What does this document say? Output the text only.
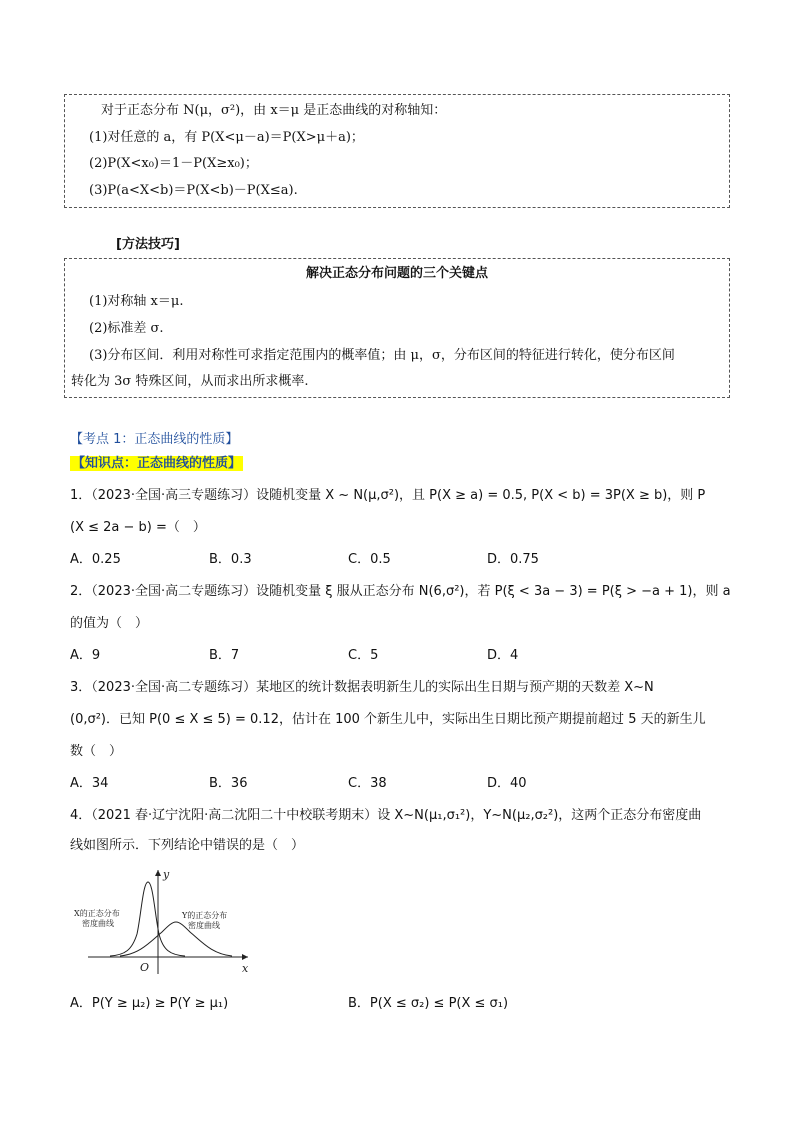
对于正态分布 N(μ，σ²)，由 x＝μ 是正态曲线的对称轴知：
(1)对任意的 a，有 P(X<μ－a)＝P(X>μ＋a)；
(2)P(X<x₀)＝1－P(X≥x₀)；
(3)P(a<X<b)＝P(X<b)－P(X≤a).
[方法技巧]
解决正态分布问题的三个关键点
(1)对称轴 x＝μ.
(2)标准差 σ.
(3)分布区间．利用对称性可求指定范围内的概率值；由 μ，σ，分布区间的特征进行转化，使分布区间
转化为 3σ 特殊区间，从而求出所求概率.
【考点 1：正态曲线的性质】
【知识点：正态曲线的性质】
1．（2023·全国·高三专题练习）设随机变量 X ~ N(μ,σ²)，且 P(X ≥ a) = 0.5, P(X < b) = 3P(X ≥ b)，则 P
(X ≤ 2a − b) =（　）
A．0.25	B．0.3	C．0.5	D．0.75
2．（2023·全国·高二专题练习）设随机变量 ξ 服从正态分布 N(6,σ²)，若 P(ξ < 3a − 3) = P(ξ > −a + 1)，则 a
的值为（　）
A．9	B．7	C．5	D．4
3．（2023·全国·高二专题练习）某地区的统计数据表明新生儿的实际出生日期与预产期的天数差 X~N
(0,σ²)．已知 P(0 ≤ X ≤ 5) = 0.12，估计在 100 个新生儿中，实际出生日期比预产期提前超过 5 天的新生儿
数（　）
A．34	B．36	C．38	D．40
4．（2021 春·辽宁沈阳·高二沈阳二十中校联考期末）设 X~N(μ₁,σ₁²)，Y~N(μ₂,σ₂²)，这两个正态分布密度曲
线如图所示．下列结论中错误的是（　）
X的正态分布
密度曲线
Y的正态分布
密度曲线
x
y
O
A．P(Y ≥ μ₂) ≥ P(Y ≥ μ₁)	B．P(X ≤ σ₂) ≤ P(X ≤ σ₁)
